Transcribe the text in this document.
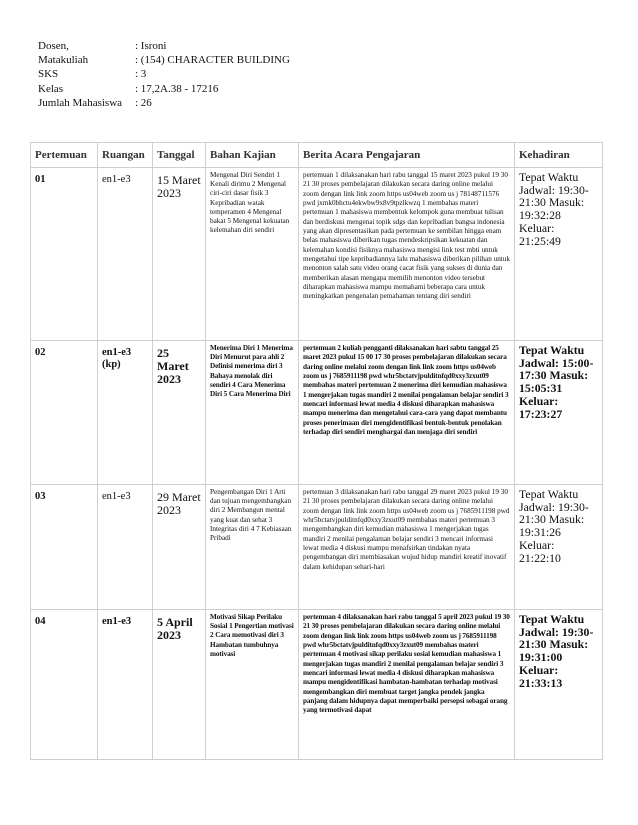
Dosen,	: Isroni
Matakuliah	: (154) CHARACTER BUILDING
SKS	: 3
Kelas	: 17,2A.38 - 17216
Jumlah Mahasiswa	: 26
Pertemuan	Ruangan	Tanggal	Bahan Kajian	Berita Acara Pengajaran	Kehadiran
01	en1-e3	15 Maret 2023	Mengenal Diri Sendiri 1 Kenali dirimu 2 Mengenal ciri-ciri dasar fisik 3 Kepribadian watak temperamen 4 Mengenal bakat 5 Mengenal kekuatan kelemahan diri sendiri	pertemuan 1 dilaksanakan hari rabu tanggal 15 maret 2023 pukul 19 30 21 30 proses pembelajaran dilakukan secara daring online melalui zoom dengan link link zoom https us04web zoom us j 78148711576 pwd jxmk0bhctu4ekwbw9x8v9tpzlkwzq 1 membahas materi pertemuan 1 mahasiswa membentuk kelompok guna membuat tulisan dan berdiskusi mengenai topik sdgs dan kepribadian bangsa indonesia yang akan dipresentasikan pada pertemuan ke sembilan hingga enam belas mahasiswa diberikan tugas mendeskripsikan kekuatan dan kelemahan kondisi fisiknya mahasiswa mengisi link test mbti untuk mengetahui tipe kepribadiannya lalu mahasiswa diberikan pilihan untuk menonton salah satu video orang cacat fisik yang sukses di dunia dan memberikan alasan mengapa memilih menonton video tersebut diharapkan mahasiswa mampu memahami beberapa cara untuk meningkatkan pengenalan pemahaman tentang diri sendiri	Tepat Waktu Jadwal: 19:30-21:30 Masuk: 19:32:28 Keluar: 21:25:49
02	en1-e3 (kp)	25 Maret 2023	Menerima Diri 1 Menerima Diri Menurut para ahli 2 Definisi menerima diri 3 Bahaya menolak diri sendiri 4 Cara Menerima Diri 5 Cara Menerima Diri	pertemuan 2 kuliah pengganti dilaksanakan hari sabtu tanggal 25 maret 2023 pukul 15 00 17 30 proses pembelajaran dilakukan secara daring online melalui zoom dengan link link zoom https us04web zoom us j 7685911198 pwd whr5bctatvjpulditnfqd0xxy3zxut09 membahas materi pertemuan 2 menerima diri kemudian mahasiswa 1 mengerjakan tugas mandiri 2 menilai pengalaman belajar sendiri 3 mencari informasi lewat media 4 diskusi diharapkan mahasiswa mampu menerima dan mengetahui cara-cara yang dapat membantu proses penerimaan diri mengidentifikasi bentuk-bentuk penolakan terhadap diri sendiri menghargai dan menjaga diri sendiri	Tepat Waktu Jadwal: 15:00-17:30 Masuk: 15:05:31 Keluar: 17:23:27
03	en1-e3	29 Maret 2023	Pengembangan Diri 1 Arti dan tujuan mengembangkan diri 2 Membangun mental yang kuat dan sehat 3 Integritas diri 4 7 Kebiasaan Pribadi	pertemuan 3 dilaksanakan hari rabu tanggal 29 maret 2023 pukul 19 30 21 30 proses pembelajaran dilakukan secara daring online melalui zoom dengan link link zoom https us04web zoom us j 7685911198 pwd whr5bctatvjpulditnfqd0xxy3zxut09 membahas materi pertemuan 3 mengembangkan diri kemudian mahasiswa 1 mengerjakan tugas mandiri 2 menilai pengalaman belajar sendiri 3 mencari informasi lewat media 4 diskusi mampu menafsirkan tindakan nyata pengembangan diri membiasakan wujud hidup mandiri kreatif inovatif dalam kehidupan sehari-hari	Tepat Waktu Jadwal: 19:30-21:30 Masuk: 19:31:26 Keluar: 21:22:10
04	en1-e3	5 April 2023	Motivasi Sikap Perilaku Sosial 1 Pengertian motivasi 2 Cara memotivasi diri 3 Hambatan tumbuhnya motivasi	pertemuan 4 dilaksanakan hari rabu tanggal 5 april 2023 pukul 19 30 21 30 proses pembelajaran dilakukan secara daring online melalui zoom dengan link link zoom https us04web zoom us j 7685911198 pwd whr5bctatvjpulditnfqd0xxy3zxut09 membahas materi pertemuan 4 motivasi sikap perilaku sosial kemudian mahasiswa 1 mengerjakan tugas mandiri 2 menilai pengalaman belajar sendiri 3 mencari informasi lewat media 4 diskusi diharapkan mahasiswa mampu mengidentifikasi hambatan-hambatan terhadap motivasi mengembangkan diri membuat target jangka pendek jangka panjang dalam hidupnya dapat memperbaiki persepsi sebagai orang yang termotivasi dapat	Tepat Waktu Jadwal: 19:30-21:30 Masuk: 19:31:00 Keluar: 21:33:13
